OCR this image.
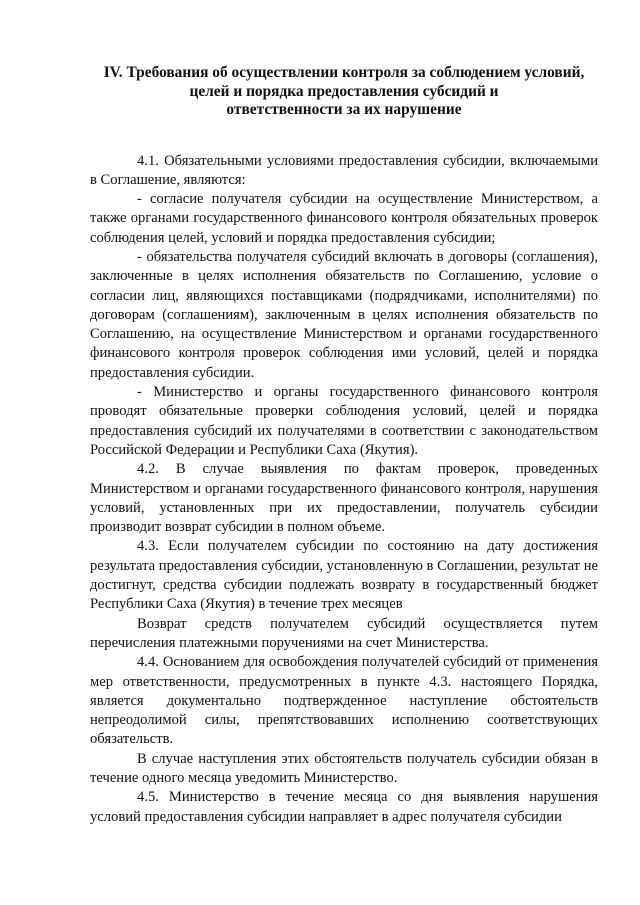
IV. Требования об осуществлении контроля за соблюдением условий,
целей и порядка предоставления субсидий и
ответственности за их нарушение

4.1. Обязательными условиями предоставления субсидии, включаемыми в Соглашение, являются:

- согласие получателя субсидии на осуществление Министерством, а также органами государственного финансового контроля обязательных проверок соблюдения целей, условий и порядка предоставления субсидии;

- обязательства получателя субсидий включать в договоры (соглашения), заключенные в целях исполнения обязательств по Соглашению, условие о согласии лиц, являющихся поставщиками (подрядчиками, исполнителями) по договорам (соглашениям), заключенным в целях исполнения обязательств по Соглашению, на осуществление Министерством и органами государственного финансового контроля проверок соблюдения ими условий, целей и порядка предоставления субсидии.

- Министерство и органы государственного финансового контроля проводят обязательные проверки соблюдения условий, целей и порядка предоставления субсидий их получателями в соответствии с законодательством Российской Федерации и Республики Саха (Якутия).

4.2. В случае выявления по фактам проверок, проведенных Министерством и органами государственного финансового контроля, нарушения условий, установленных при их предоставлении, получатель субсидии производит возврат субсидии в полном объеме.

4.3. Если получателем субсидии по состоянию на дату достижения результата предоставления субсидии, установленную в Соглашении, результат не достигнут, средства субсидии подлежать возврату в государственный бюджет Республики Саха (Якутия) в течение трех месяцев

Возврат средств получателем субсидий осуществляется путем перечисления платежными поручениями на счет Министерства.

4.4. Основанием для освобождения получателей субсидий от применения мер ответственности, предусмотренных в пункте 4.3. настоящего Порядка, является документально подтвержденное наступление обстоятельств непреодолимой силы, препятствовавших исполнению соответствующих обязательств.

В случае наступления этих обстоятельств получатель субсидии обязан в течение одного месяца уведомить Министерство.

4.5. Министерство в течение месяца со дня выявления нарушения условий предоставления субсидии направляет в адрес получателя субсидии
